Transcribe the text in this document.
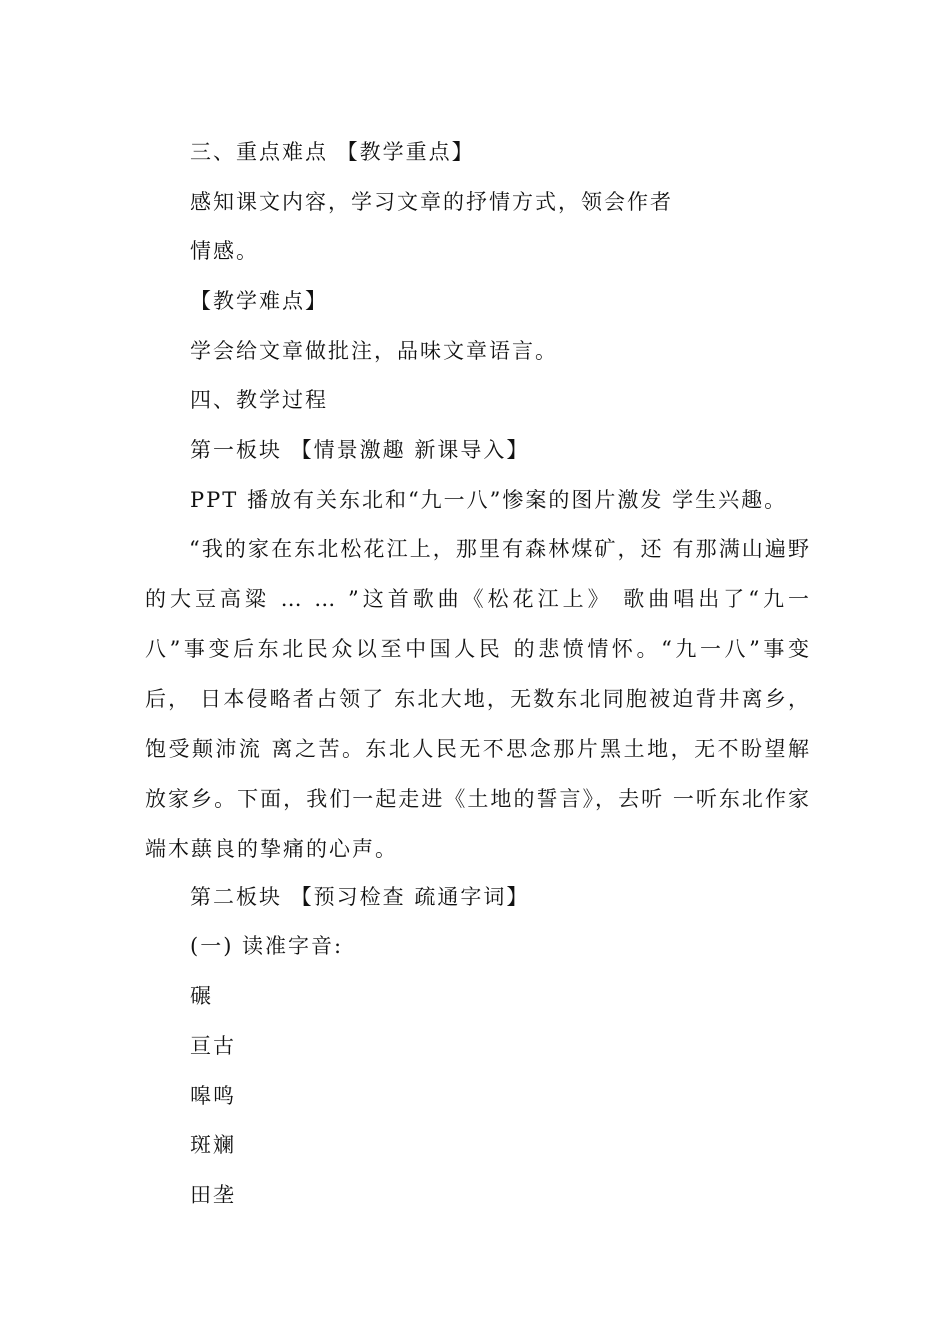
三、重点难点 【教学重点】
感知课文内容，学习文章的抒情方式，领会作者
情感。
【教学难点】
学会给文章做批注，品味文章语言。
四、教学过程
第一板块 【情景激趣 新课导入】
PPT 播放有关东北和“九一八”惨案的图片激发 学生兴趣。
“我的家在东北松花江上，那里有森林煤矿，还 有那满山遍野的大豆高粱 … … ”这首歌曲《松花江上》 歌曲唱出了“九一八”事变后东北民众以至中国人民 的悲愤情怀。“九一八”事变后， 日本侵略者占领了 东北大地，无数东北同胞被迫背井离乡，饱受颠沛流 离之苦。东北人民无不思念那片黑土地，无不盼望解放家乡。下面，我们一起走进《土地的誓言》，去听 一听东北作家端木蕻良的挚痛的心声。
第二板块 【预习检查 疏通字词】
(一) 读准字音:
碾
亘古
嗥鸣
斑斓
田垄
